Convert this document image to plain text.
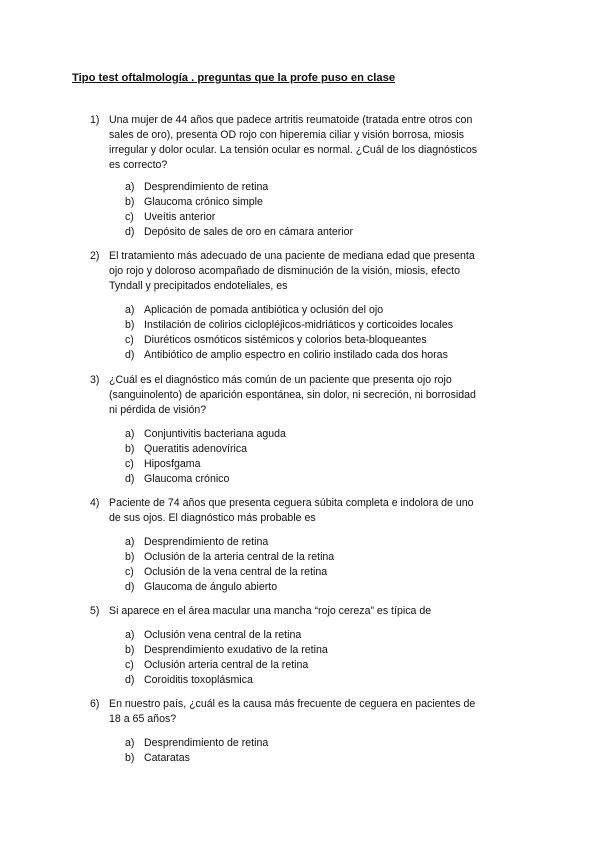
Tipo test oftalmología . preguntas que la profe puso en clase
1) Una mujer de 44 años que padece artritis reumatoide (tratada entre otros con sales de oro), presenta OD rojo con hiperemia ciliar y visión borrosa, miosis irregular y dolor ocular. La tensión ocular es normal. ¿Cuál de los diagnósticos es correcto?
a) Desprendimiento de retina
b) Glaucoma crónico simple
c) Uveítis anterior
d) Depósito de sales de oro en cámara anterior
2) El tratamiento más adecuado de una paciente de mediana edad que presenta ojo rojo y doloroso acompañado de disminución de la visión, miosis, efecto Tyndall y precipitados endoteliales, es
a) Aplicación de pomada antibiótica y oclusión del ojo
b) Instilación de colirios ciclopléjicos-midriáticos y corticoides locales
c) Diuréticos osmóticos sistémicos y colorios beta-bloqueantes
d) Antibiótico de amplio espectro en colirio instilado cada dos horas
3) ¿Cuál es el diagnóstico más común de un paciente que presenta ojo rojo (sanguinolento) de aparición espontánea, sin dolor, ni secreción, ni borrosidad ni pérdida de visión?
a) Conjuntivitis bacteriana aguda
b) Queratitis adenovírica
c) Hiposfgama
d) Glaucoma crónico
4) Paciente de 74 años que presenta ceguera súbita completa e indolora de uno de sus ojos. El diagnóstico más probable es
a) Desprendimiento de retina
b) Oclusión de la arteria central de la retina
c) Oclusión de la vena central de la retina
d) Glaucoma de ángulo abierto
5) Si aparece en el área macular una mancha “rojo cereza” es típica de
a) Oclusión vena central de la retina
b) Desprendimiento exudativo de la retina
c) Oclusión arteria central de la retina
d) Coroiditis toxoplásmica
6) En nuestro país, ¿cuál es la causa más frecuente de ceguera en pacientes de 18 a 65 años?
a) Desprendimiento de retina
b) Cataratas
